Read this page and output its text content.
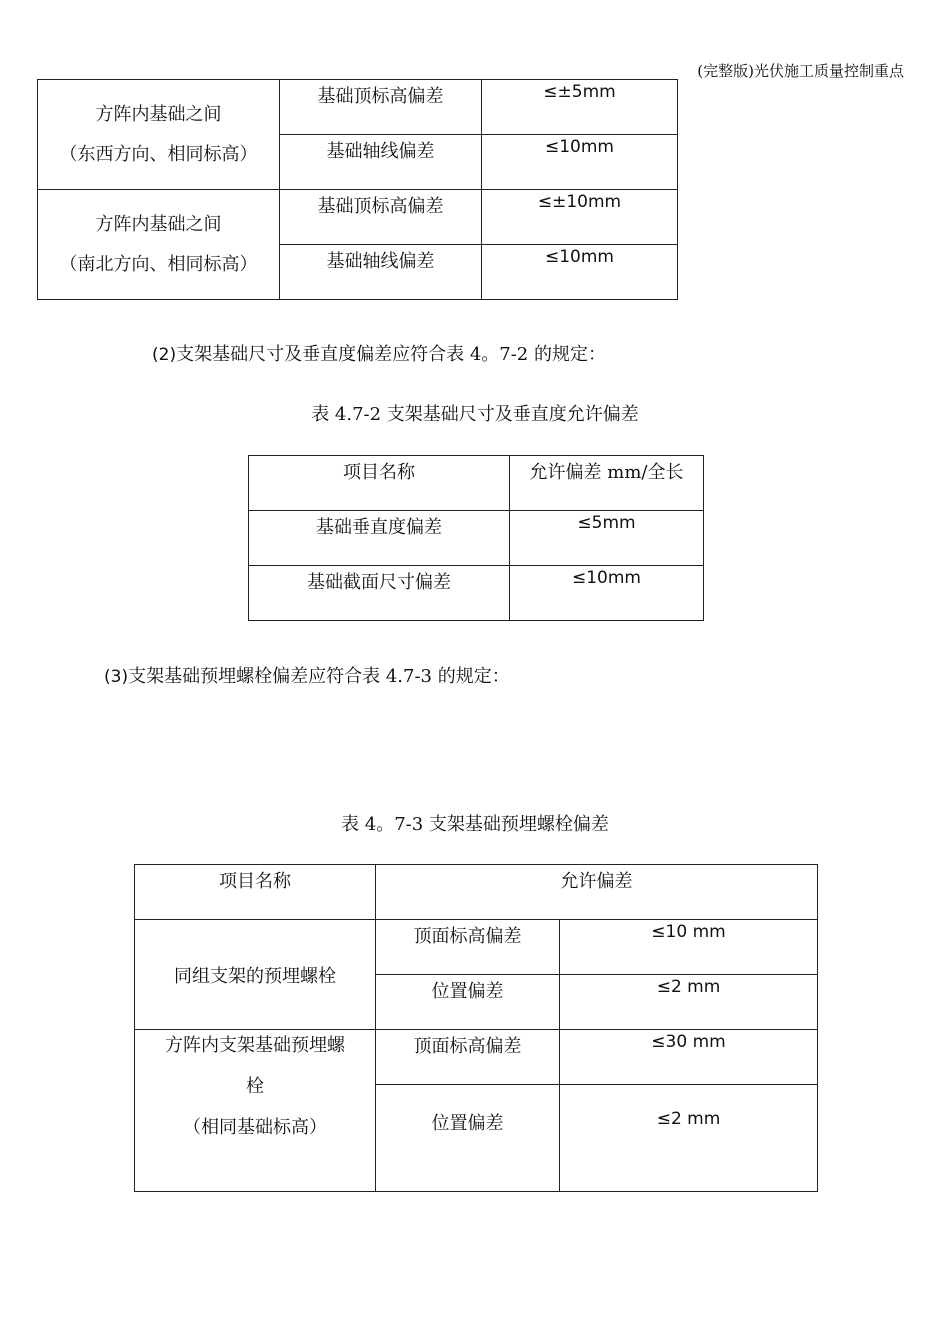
(完整版)光伏施工质量控制重点
方阵内基础之间
（东西方向、相同标高）	基础顶标高偏差	≤±5mm
	基础轴线偏差	≤10mm

方阵内基础之间
（南北方向、相同标高）	基础顶标高偏差	≤±10mm
	基础轴线偏差	≤10mm
(2)支架基础尺寸及垂直度偏差应符合表 4。7-2 的规定：
表 4.7-2 支架基础尺寸及垂直度允许偏差
项目名称	允许偏差 mm/全长
基础垂直度偏差	≤5mm
基础截面尺寸偏差	≤10mm
(3)支架基础预埋螺栓偏差应符合表 4.7-3 的规定：
表 4。7-3 支架基础预埋螺栓偏差
项目名称	允许偏差	
同组支架的预埋螺栓	顶面标高偏差	≤10 mm
	位置偏差	≤2 mm

方阵内支架基础预埋螺
栓
（相同基础标高）	顶面标高偏差	≤30 mm
	位置偏差	≤2 mm
